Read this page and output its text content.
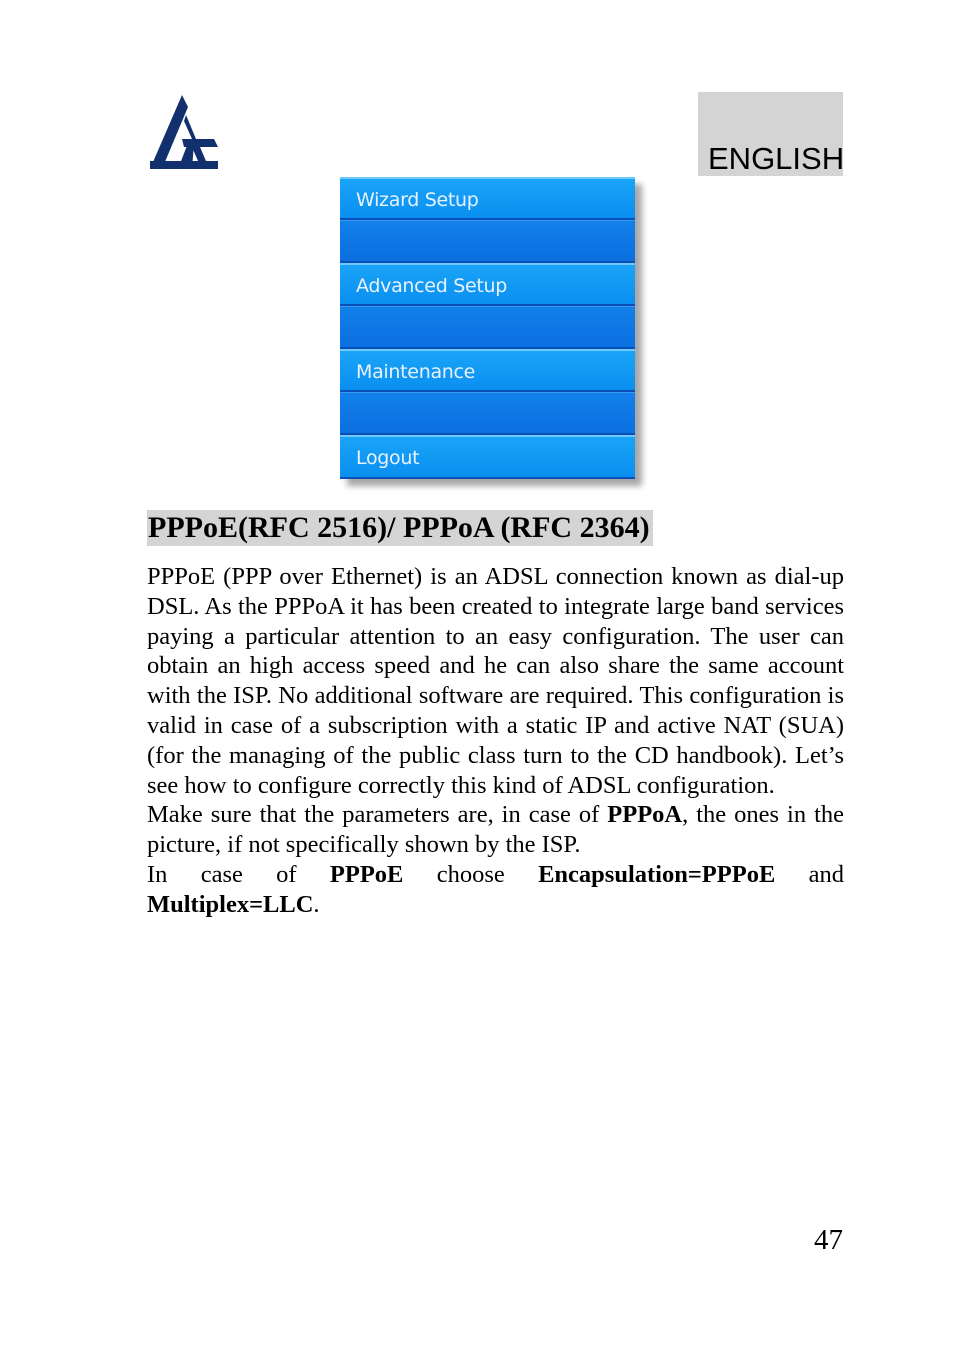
ENGLISH
Wizard Setup
Advanced Setup
Maintenance
Logout
PPPoE(RFC 2516)/ PPPoA (RFC 2364)

PPPoE (PPP over Ethernet) is an ADSL connection known as dial-up DSL. As the PPPoA it has been created to integrate large band services paying a particular attention to an easy configuration. The user can obtain an high access speed and he can also share the same account with the ISP. No additional software are required. This configuration is valid in case of a subscription with a static IP and active NAT (SUA) (for the managing of the public class turn to the CD handbook). Let’s see how to configure correctly this kind of ADSL configuration.

Make sure that the parameters are, in case of PPPoA, the ones in the picture, if not specifically shown by the ISP.

In case of PPPoE choose Encapsulation=PPPoE and Multiplex=LLC.

47
